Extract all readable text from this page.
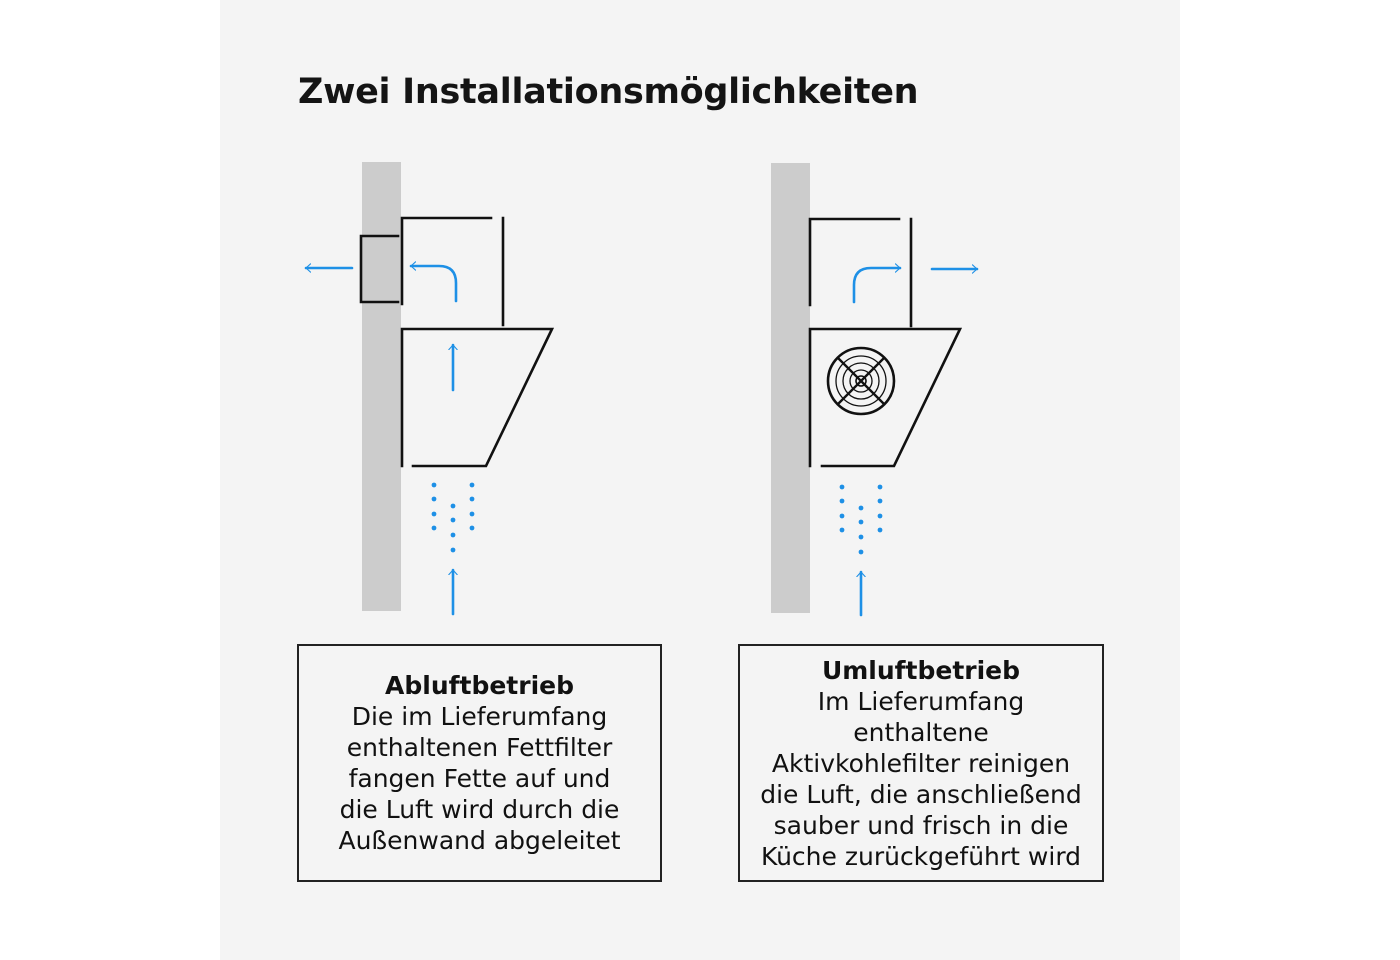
Zwei Installationsmöglichkeiten
Abluftbetrieb
Die im Lieferumfang
enthaltenen Fettfilter
fangen Fette auf und
die Luft wird durch die
Außenwand abgeleitet
Umluftbetrieb
Im Lieferumfang
enthaltene
Aktivkohlefilter reinigen
die Luft, die anschließend
sauber und frisch in die
Küche zurückgeführt wird
